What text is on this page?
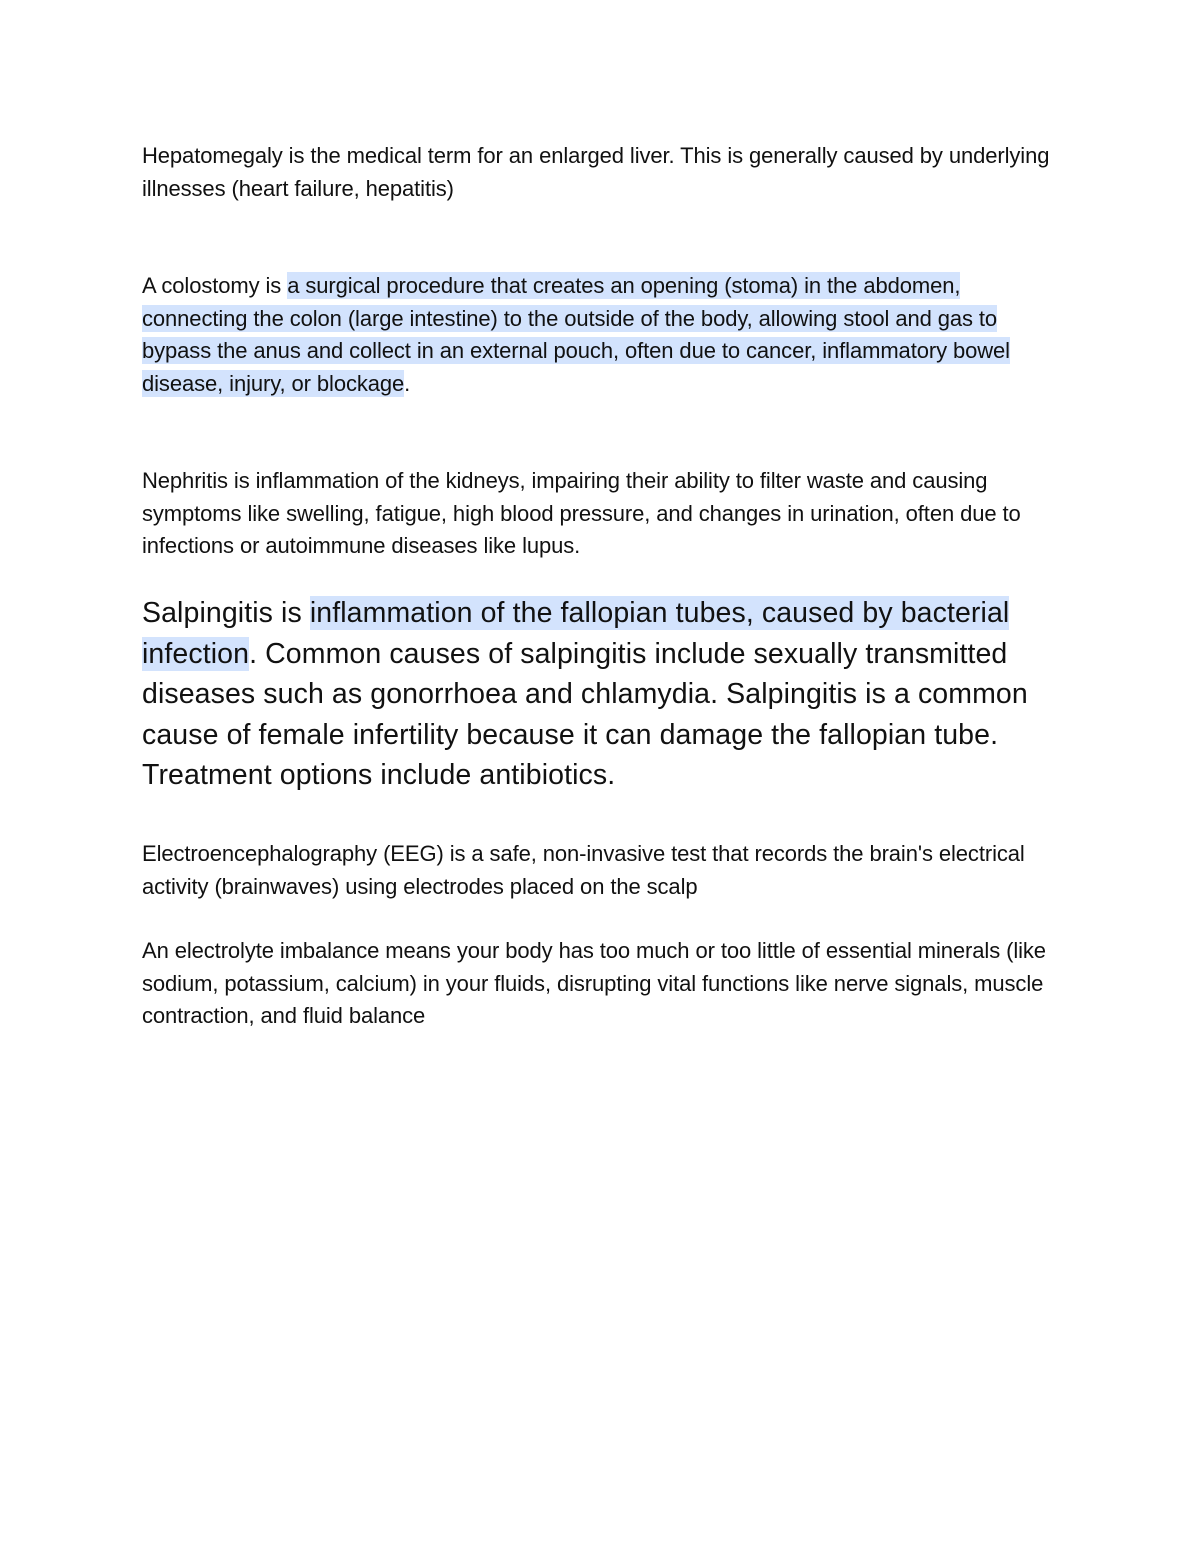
Hepatomegaly is the medical term for an enlarged liver. This is generally caused by underlying illnesses (heart failure, hepatitis)

A colostomy is a surgical procedure that creates an opening (stoma) in the abdomen, connecting the colon (large intestine) to the outside of the body, allowing stool and gas to bypass the anus and collect in an external pouch, often due to cancer, inflammatory bowel disease, injury, or blockage.

Nephritis is inflammation of the kidneys, impairing their ability to filter waste and causing symptoms like swelling, fatigue, high blood pressure, and changes in urination, often due to infections or autoimmune diseases like lupus.

Salpingitis is inflammation of the fallopian tubes, caused by bacterial infection. Common causes of salpingitis include sexually transmitted diseases such as gonorrhoea and chlamydia. Salpingitis is a common cause of female infertility because it can damage the fallopian tube. Treatment options include antibiotics.

Electroencephalography (EEG) is a safe, non-invasive test that records the brain's electrical activity (brainwaves) using electrodes placed on the scalp

An electrolyte imbalance means your body has too much or too little of essential minerals (like sodium, potassium, calcium) in your fluids, disrupting vital functions like nerve signals, muscle contraction, and fluid balance
